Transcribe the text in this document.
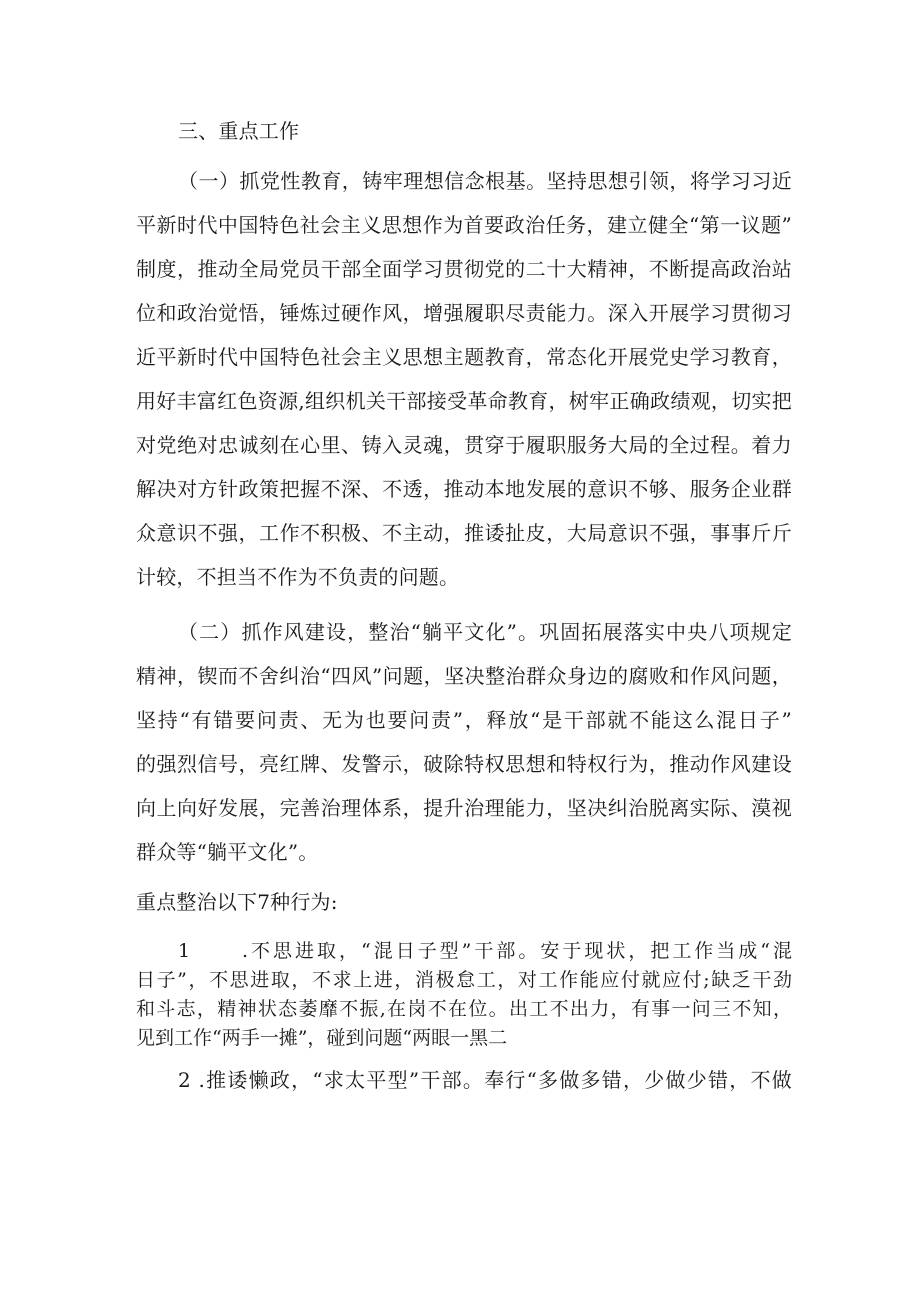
三、重点工作
（一）抓党性教育，铸牢理想信念根基。坚持思想引领，将学习习近
平新时代中国特色社会主义思想作为首要政治任务，建立健全“第一议题”
制度，推动全局党员干部全面学习贯彻党的二十大精神，不断提高政治站
位和政治觉悟，锤炼过硬作风，增强履职尽责能力。深入开展学习贯彻习
近平新时代中国特色社会主义思想主题教育，常态化开展党史学习教育，
用好丰富红色资源,组织机关干部接受革命教育，树牢正确政绩观，切实把
对党绝对忠诚刻在心里、铸入灵魂，贯穿于履职服务大局的全过程。着力
解决对方针政策把握不深、不透，推动本地发展的意识不够、服务企业群
众意识不强，工作不积极、不主动，推诿扯皮，大局意识不强，事事斤斤
计较，不担当不作为不负责的问题。
（二）抓作风建设，整治“躺平文化”。巩固拓展落实中央八项规定
精神，锲而不舍纠治“四风”问题，坚决整治群众身边的腐败和作风问题，
坚持“有错要问责、无为也要问责”，释放“是干部就不能这么混日子”
的强烈信号，亮红牌、发警示，破除特权思想和特权行为，推动作风建设
向上向好发展，完善治理体系，提升治理能力，坚决纠治脱离实际、漠视
群众等“躺平文化”。
重点整治以下7种行为:
1	.不思进取，“混日子型”干部。安于现状，把工作当成“混
日子”，不思进取，不求上进，消极怠工，对工作能应付就应付;缺乏干劲
和斗志，精神状态萎靡不振,在岗不在位。出工不出力，有事一问三不知，
见到工作“两手一摊”，碰到问题“两眼一黑二
2 .推诿懒政，“求太平型”干部。奉行“多做多错，少做少错，不做
